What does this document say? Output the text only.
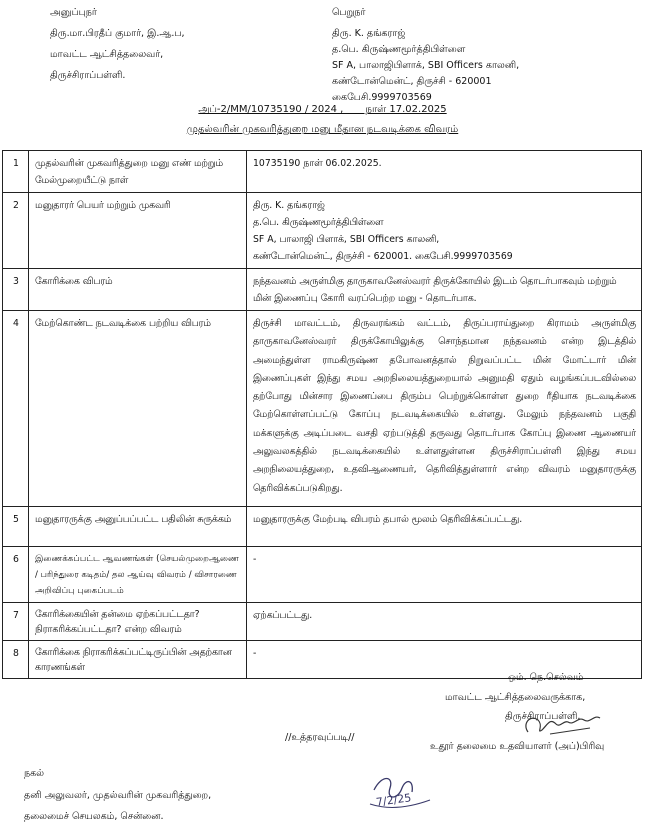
அனுப்புநர்
திரு.மா.பிரதீப் குமார், இ.ஆ.ப,
மாவட்ட ஆட்சித்தலைவர்,
திருச்சிராப்பள்ளி.
பெறுநர்
திரு. K. தங்கராஜ்
த.பெ. கிருஷ்ணமூர்த்திபிள்ளை
SF A, பாலாஜிபிளாக், SBI Officers காலனி,
கண்டோன்மென்ட், திருச்சி - 620001
கைபேசி.9999703569
அப்-2/MM/10735190 / 2024 ,       நாள் 17.02.2025
முதல்வரின் முகவரித்துறை மனு மீதான நடவடிக்கை விவரம்
1	முதல்வரின் முகவரித்துறை மனு எண் மற்றும் மேல்முறையீட்டு நாள்	10735190 நாள் 06.02.2025.
2	மனுதாரர் பெயர் மற்றும் முகவரி	திரு. K. தங்கராஜ்
த.பெ. கிருஷ்ணமூர்த்திபிள்ளை
SF A, பாலாஜி பிளாக், SBI Officers காலனி,
கண்டோன்மென்ட், திருச்சி - 620001. கைபேசி.9999703569

3	கோரிக்கை விபரம்	நந்தவனம் அருள்மிகு தாருகாவனேஸ்வரர் திருக்கோயில் இடம் தொடர்பாகவும் மற்றும் மின் இணைப்பு கோரி வரப்பெற்ற மனு - தொடர்பாக.
4	மேற்கொண்ட நடவடிக்கை பற்றிய விபரம்	திருச்சி மாவட்டம், திருவரங்கம் வட்டம், திருப்பராய்துறை கிராமம் அருள்மிகு தாருகாவனேஸ்வரர் திருக்கோயிலுக்கு சொந்தமான நந்தவனம் என்ற இடத்தில் அமைந்துள்ள ராமகிருஷ்ண தபோவனத்தால் நிறுவப்பட்ட மின் மோட்டார் மின் இணைப்புகள் இந்து சமய அறநிலையத்துறையால் அனுமதி ஏதும் வழங்கப்படவில்லை தற்போது மின்சார இணைப்பை திரும்ப பெற்றுக்கொள்ள துறை ரீதியாக நடவடிக்கை மேற்கொள்ளப்பட்டு கோப்பு நடவடிக்கையில் உள்ளது. மேலும் நந்தவனம் பகுதி மக்களுக்கு அடிப்படை வசதி ஏற்படுத்தி தருவது தொடர்பாக கோப்பு இணை ஆணையர் அலுவலகத்தில் நடவடிக்கையில் உள்ளதுள்ளன திருச்சிராப்பள்ளி இந்து சமய அறநிலையத்துறை, உதவிஆணையர், தெரிவித்துள்ளார் என்ற விவரம் மனுதாரருக்கு தெரிவிக்கப்படுகிறது.
5	மனுதாரருக்கு அனுப்பப்பட்ட பதிலின் சுருக்கம்	மனுதாரருக்கு மேற்படி விபரம் தபால் மூலம் தெரிவிக்கப்பட்டது.
6	இணைக்கப்பட்ட ஆவணங்கள் (செயல்முறைஆணை / பரிந்துரை கடிதம்/ தல ஆய்வு விவரம் / விசாரணை அறிவிப்பு புகைப்படம்	-
7	கோரிக்கையின் தன்மை ஏற்கப்பட்டதா? நிராகரிக்கப்பட்டதா? என்ற விவரம்	ஏற்கப்பட்டது.
8	கோரிக்கை நிராகரிக்கப்பட்டிருப்பின் அதற்கான காரணங்கள்	-
ஒம். நெ.செல்வம்
மாவட்ட ஆட்சித்தலைவருக்காக,
திருச்சிராப்பள்ளி.
உதூர் தலைமை உதவியாளர் (அப்)பிரிவு
//உத்தரவுப்படி//
நகல்
தனி அலுவலர், முதல்வரின் முகவரித்துறை,
தலைமைச் செயலகம், சென்னை.
7/2/25
